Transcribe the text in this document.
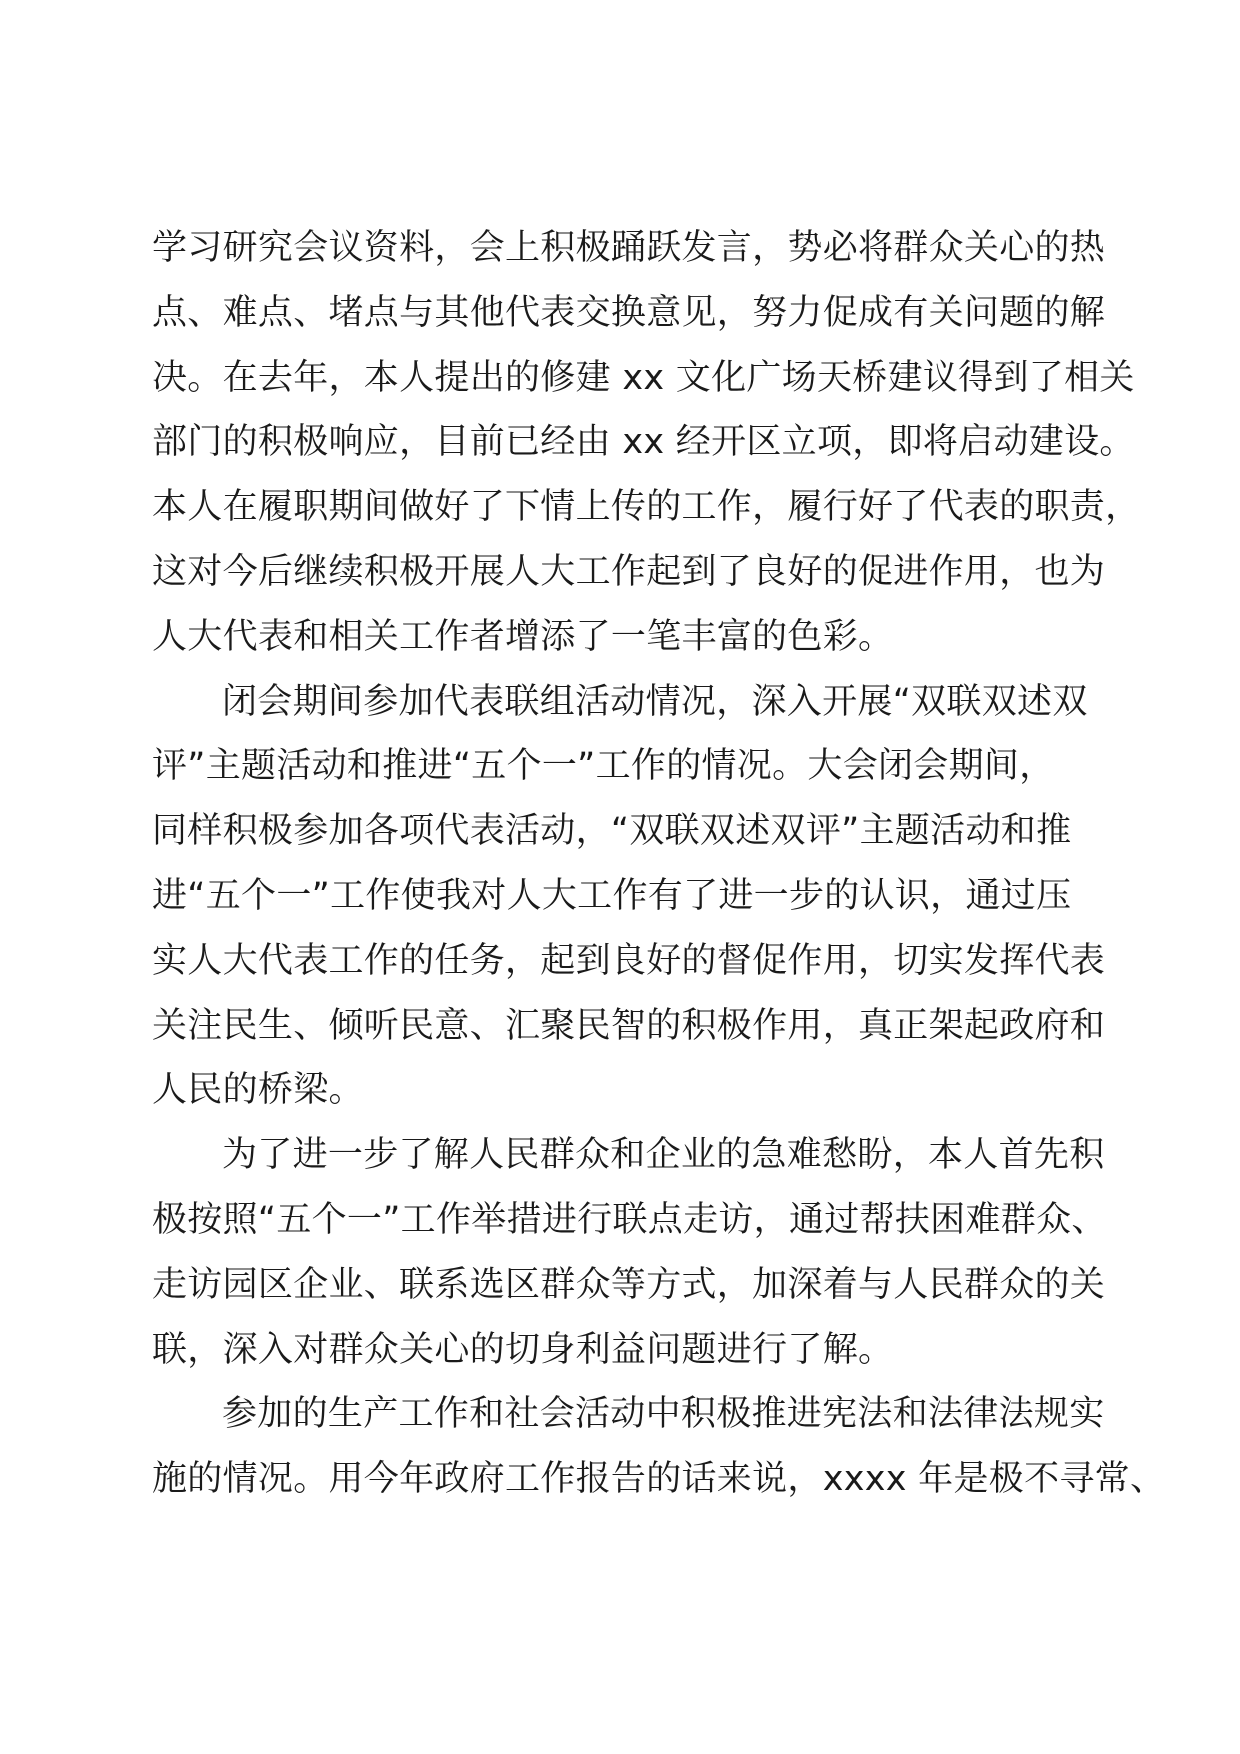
学习研究会议资料，会上积极踊跃发言，势必将群众关心的热
点、难点、堵点与其他代表交换意见，努力促成有关问题的解
决。在去年，本人提出的修建 xx 文化广场天桥建议得到了相关
部门的积极响应，目前已经由 xx 经开区立项，即将启动建设。
本人在履职期间做好了下情上传的工作，履行好了代表的职责，
这对今后继续积极开展人大工作起到了良好的促进作用，也为
人大代表和相关工作者增添了一笔丰富的色彩。
闭会期间参加代表联组活动情况，深入开展“双联双述双
评”主题活动和推进“五个一”工作的情况。大会闭会期间，
同样积极参加各项代表活动，“双联双述双评”主题活动和推
进“五个一”工作使我对人大工作有了进一步的认识，通过压
实人大代表工作的任务，起到良好的督促作用，切实发挥代表
关注民生、倾听民意、汇聚民智的积极作用，真正架起政府和
人民的桥梁。
为了进一步了解人民群众和企业的急难愁盼，本人首先积
极按照“五个一”工作举措进行联点走访，通过帮扶困难群众、
走访园区企业、联系选区群众等方式，加深着与人民群众的关
联，深入对群众关心的切身利益问题进行了解。
参加的生产工作和社会活动中积极推进宪法和法律法规实
施的情况。用今年政府工作报告的话来说，xxxx 年是极不寻常、
